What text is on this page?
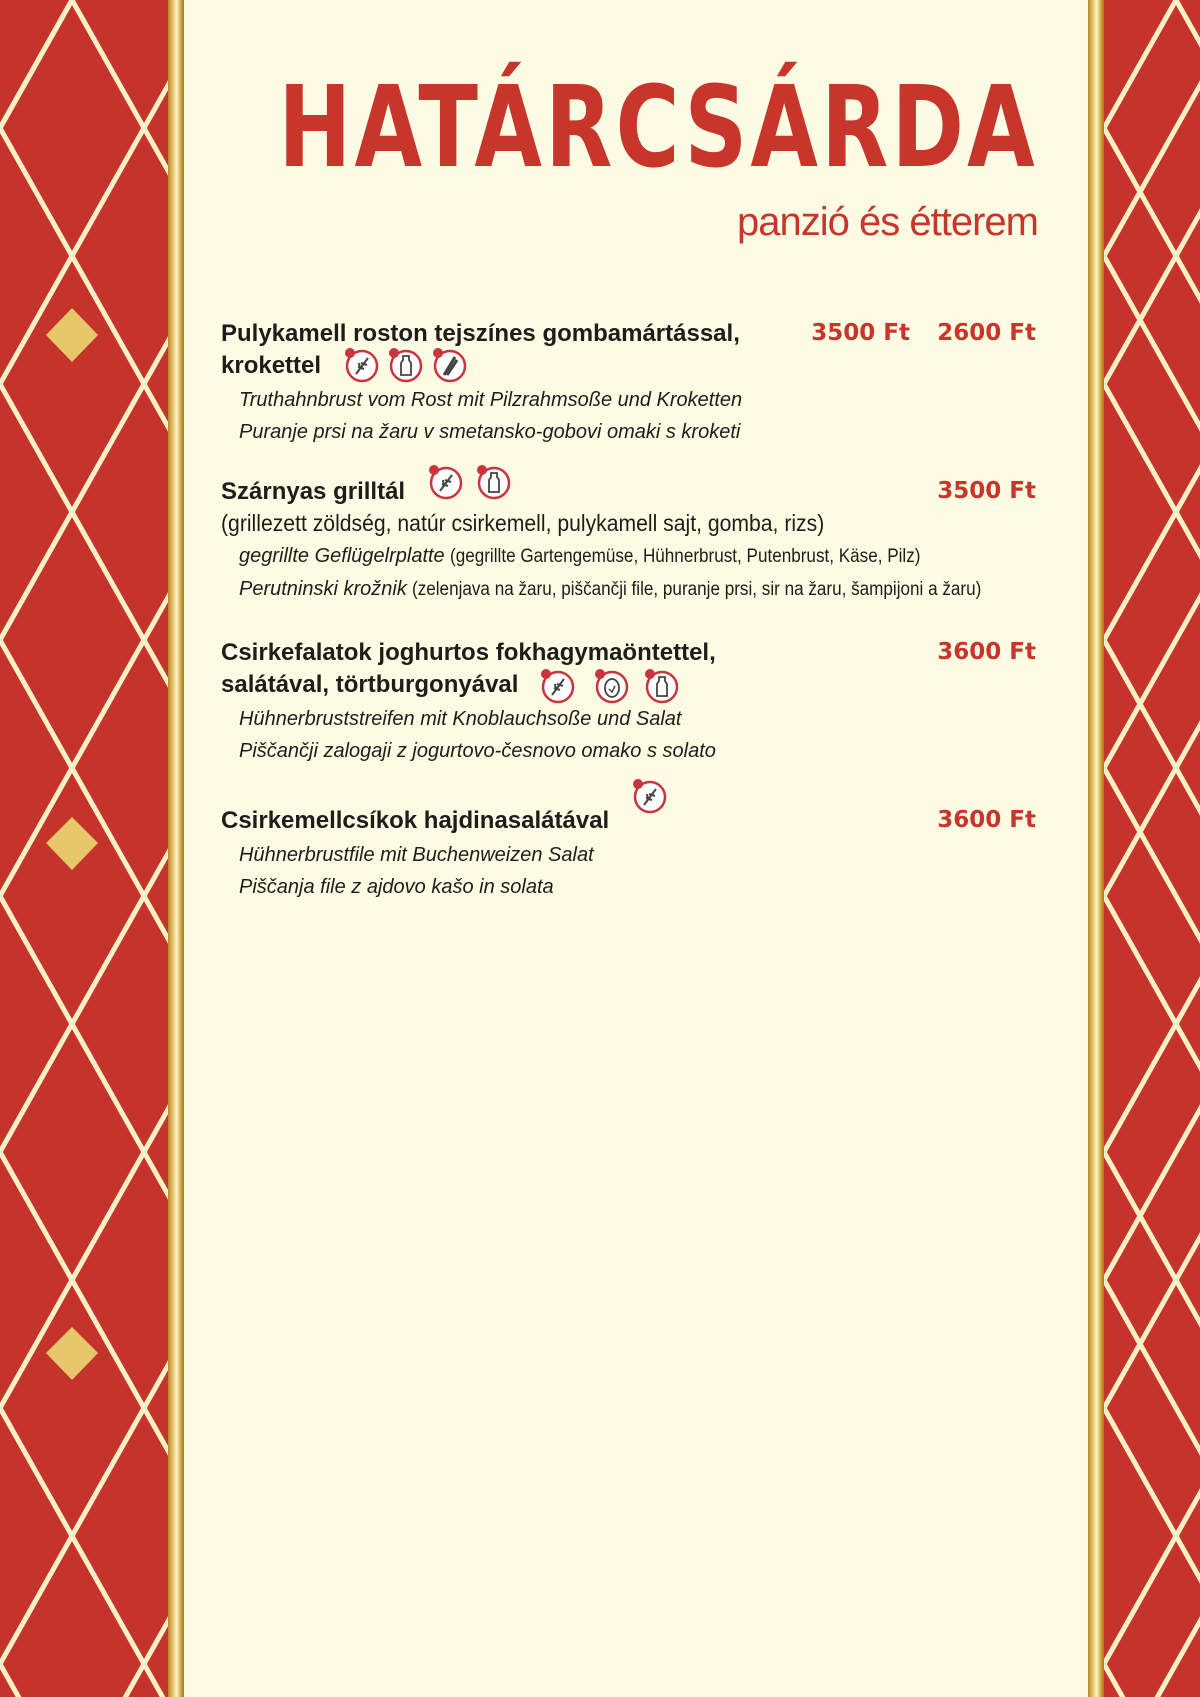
HATÁRCSÁRDA
panzió és étterem
Pulykamell roston tejszínes gombamártással,
krokettel
3500 Ft 2600 Ft
Truthahnbrust vom Rost mit Pilzrahmsoße und Kroketten
Puranje prsi na žaru v smetansko-gobovi omaki s kroketi
Szárnyas grilltál	3500 Ft
(grillezett zöldség, natúr csirkemell, pulykamell sajt, gomba, rizs)
gegrillte Geflügelrplatte (gegrillte Gartengemüse, Hühnerbrust, Putenbrust, Käse, Pilz)
Perutninski krožnik (zelenjava na žaru, piščančji file, puranje prsi, sir na žaru, šampijoni a žaru)
Csirkefalatok joghurtos fokhagymaöntettel,
salátával, törtburgonyával
3600 Ft
Hühnerbruststreifen mit Knoblauchsoße und Salat
Piščančji zalogaji z jogurtovo-česnovo omako s solato
Csirkemellcsíkok hajdinasalátával	3600 Ft
Hühnerbrustfile mit Buchenweizen Salat
Piščanja file z ajdovo kašo in solata
